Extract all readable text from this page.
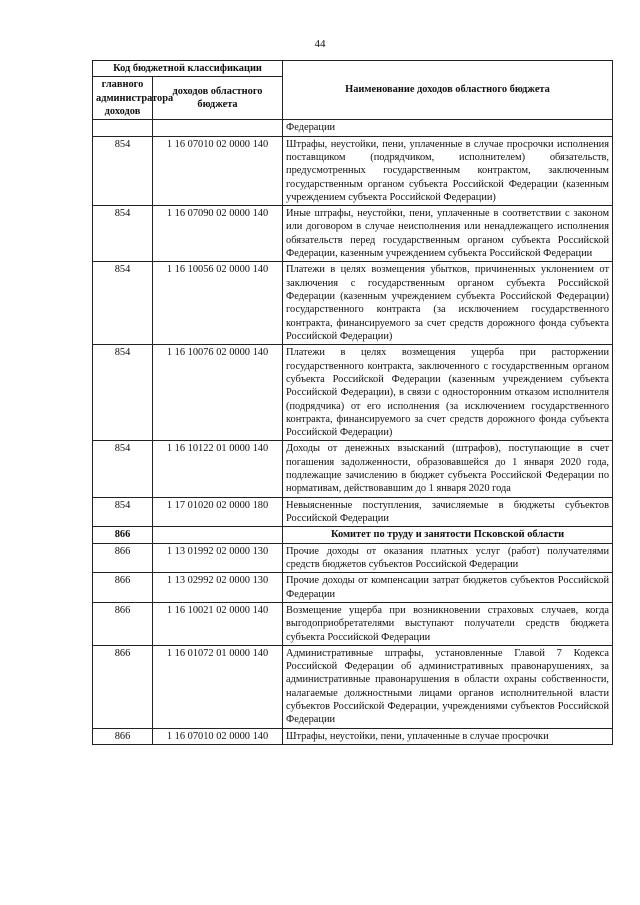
44
Код бюджетной классификации		Наименование доходов областного бюджета
главного администратора доходов	доходов областного бюджета	
		Федерации
854	1 16 07010 02 0000 140	Штрафы, неустойки, пени, уплаченные в случае просрочки исполнения поставщиком (подрядчиком, исполнителем) обязательств, предусмотренных государственным контрактом, заключенным государственным органом субъекта Российской Федерации (казенным учреждением субъекта Российской Федерации)
854	1 16 07090 02 0000 140	Иные штрафы, неустойки, пени, уплаченные в соответствии с законом или договором в случае неисполнения или ненадлежащего исполнения обязательств перед государственным органом субъекта Российской Федерации, казенным учреждением субъекта Российской Федерации
854	1 16 10056 02 0000 140	Платежи в целях возмещения убытков, причиненных уклонением от заключения с государственным органом субъекта Российской Федерации (казенным учреждением субъекта Российской Федерации) государственного контракта (за исключением государственного контракта, финансируемого за счет средств дорожного фонда субъекта Российской Федерации)
854	1 16 10076 02 0000 140	Платежи в целях возмещения ущерба при расторжении государственного контракта, заключенного с государственным органом субъекта Российской Федерации (казенным учреждением субъекта Российской Федерации), в связи с односторонним отказом исполнителя (подрядчика) от его исполнения (за исключением государственного контракта, финансируемого за счет средств дорожного фонда субъекта Российской Федерации)
854	1 16 10122 01 0000 140	Доходы от денежных взысканий (штрафов), поступающие в счет погашения задолженности, образовавшейся до 1 января 2020 года, подлежащие зачислению в бюджет субъекта Российской Федерации по нормативам, действовавшим до 1 января 2020 года
854	1 17 01020 02 0000 180	Невыясненные поступления, зачисляемые в бюджеты субъектов Российской Федерации
866		Комитет по труду и занятости Псковской области
866	1 13 01992 02 0000 130	Прочие доходы от оказания платных услуг (работ) получателями средств бюджетов субъектов Российской Федерации
866	1 13 02992 02 0000 130	Прочие доходы от компенсации затрат бюджетов субъектов Российской Федерации
866	1 16 10021 02 0000 140	Возмещение ущерба при возникновении страховых случаев, когда выгодоприобретателями выступают получатели средств бюджета субъекта Российской Федерации
866	1 16 01072 01 0000 140	Административные штрафы, установленные Главой 7 Кодекса Российской Федерации об административных правонарушениях, за административные правонарушения в области охраны собственности, налагаемые должностными лицами органов исполнительной власти субъектов Российской Федерации, учреждениями субъектов Российской Федерации
866	1 16 07010 02 0000 140	Штрафы, неустойки, пени, уплаченные в случае просрочки
